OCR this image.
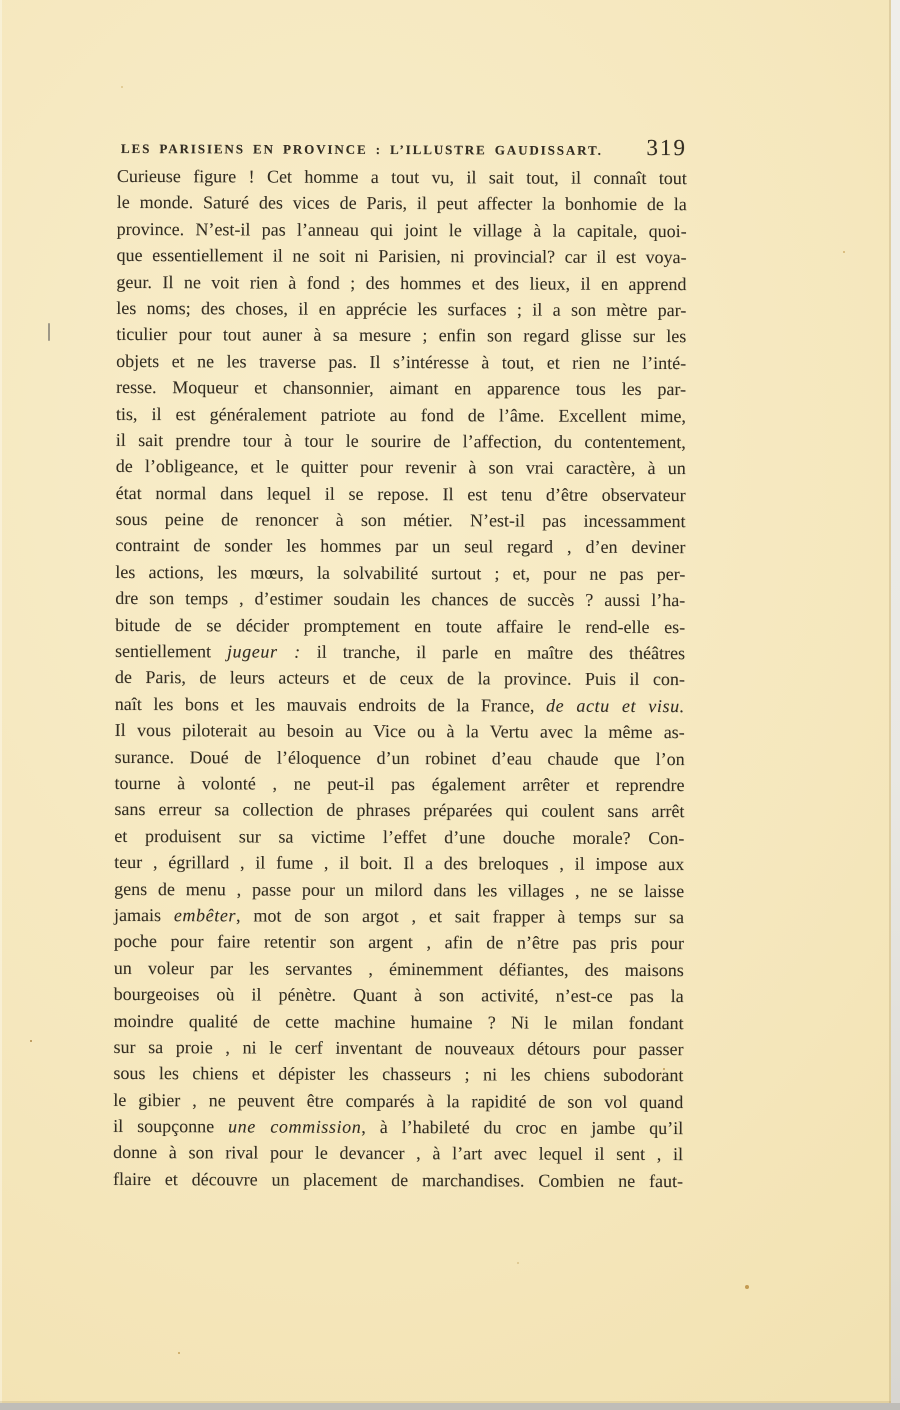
LES PARISIENS EN PROVINCE : L’ILLUSTRE GAUDISSART. 319
Curieuse figure ! Cet homme a tout vu, il sait tout, il connaît tout
le monde. Saturé des vices de Paris, il peut affecter la bonhomie de la
province. N’est-il pas l’anneau qui joint le village à la capitale, quoi-
que essentiellement il ne soit ni Parisien, ni provincial? car il est voya-
geur. Il ne voit rien à fond ; des hommes et des lieux, il en apprend
les noms; des choses, il en apprécie les surfaces ; il a son mètre par-
ticulier pour tout auner à sa mesure ; enfin son regard glisse sur les
objets et ne les traverse pas. Il s’intéresse à tout, et rien ne l’inté-
resse. Moqueur et chansonnier, aimant en apparence tous les par-
tis, il est généralement patriote au fond de l’âme. Excellent mime,
il sait prendre tour à tour le sourire de l’affection, du contentement,
de l’obligeance, et le quitter pour revenir à son vrai caractère, à un
état normal dans lequel il se repose. Il est tenu d’être observateur
sous peine de renoncer à son métier. N’est-il pas incessamment
contraint de sonder les hommes par un seul regard , d’en deviner
les actions, les mœurs, la solvabilité surtout ; et, pour ne pas per-
dre son temps , d’estimer soudain les chances de succès ? aussi l’ha-
bitude de se décider promptement en toute affaire le rend-elle es-
sentiellement jugeur : il tranche, il parle en maître des théâtres
de Paris, de leurs acteurs et de ceux de la province. Puis il con-
naît les bons et les mauvais endroits de la France, de actu et visu.
Il vous piloterait au besoin au Vice ou à la Vertu avec la même as-
surance. Doué de l’éloquence d’un robinet d’eau chaude que l’on
tourne à volonté , ne peut-il pas également arrêter et reprendre
sans erreur sa collection de phrases préparées qui coulent sans arrêt
et produisent sur sa victime l’effet d’une douche morale? Con-
teur , égrillard , il fume , il boit. Il a des breloques , il impose aux
gens de menu , passe pour un milord dans les villages , ne se laisse
jamais embêter, mot de son argot , et sait frapper à temps sur sa
poche pour faire retentir son argent , afin de n’être pas pris pour
un voleur par les servantes , éminemment défiantes, des maisons
bourgeoises où il pénètre. Quant à son activité, n’est-ce pas la
moindre qualité de cette machine humaine ? Ni le milan fondant
sur sa proie , ni le cerf inventant de nouveaux détours pour passer
sous les chiens et dépister les chasseurs ; ni les chiens subodorant
le gibier , ne peuvent être comparés à la rapidité de son vol quand
il soupçonne une commission, à l’habileté du croc en jambe qu’il
donne à son rival pour le devancer , à l’art avec lequel il sent , il
flaire et découvre un placement de marchandises. Combien ne faut-
